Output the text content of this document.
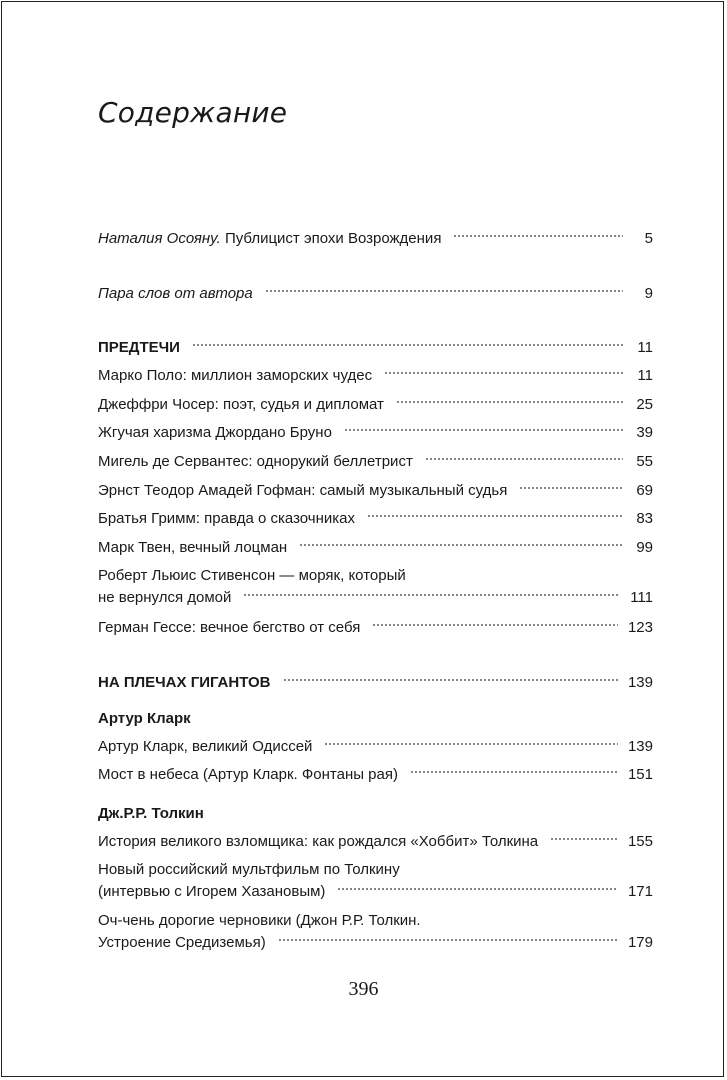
Содержание
Наталия Осояну. Публицист эпохи Возрождения	5
Пара слов от автора	9
ПРЕДТЕЧИ	11
Марко Поло: миллион заморских чудес	11
Джеффри Чосер: поэт, судья и дипломат	25
Жгучая харизма Джордано Бруно	39
Мигель де Сервантес: однорукий беллетрист	55
Эрнст Теодор Амадей Гофман: самый музыкальный судья	69
Братья Гримм: правда о сказочниках	83
Марк Твен, вечный лоцман	99
Роберт Льюис Стивенсон — моряк, который
не вернулся домой	111
Герман Гессе: вечное бегство от себя	123
НА ПЛЕЧАХ ГИГАНТОВ	139
Артур Кларк
Артур Кларк, великий Одиссей	139
Мост в небеса (Артур Кларк. Фонтаны рая)	151
Дж.Р.Р. Толкин
История великого взломщика: как рождался «Хоббит» Толкина	155
Новый российский мультфильм по Толкину
(интервью с Игорем Хазановым)	171
Оч-чень дорогие черновики (Джон Р.Р. Толкин.
Устроение Средиземья)	179
396
